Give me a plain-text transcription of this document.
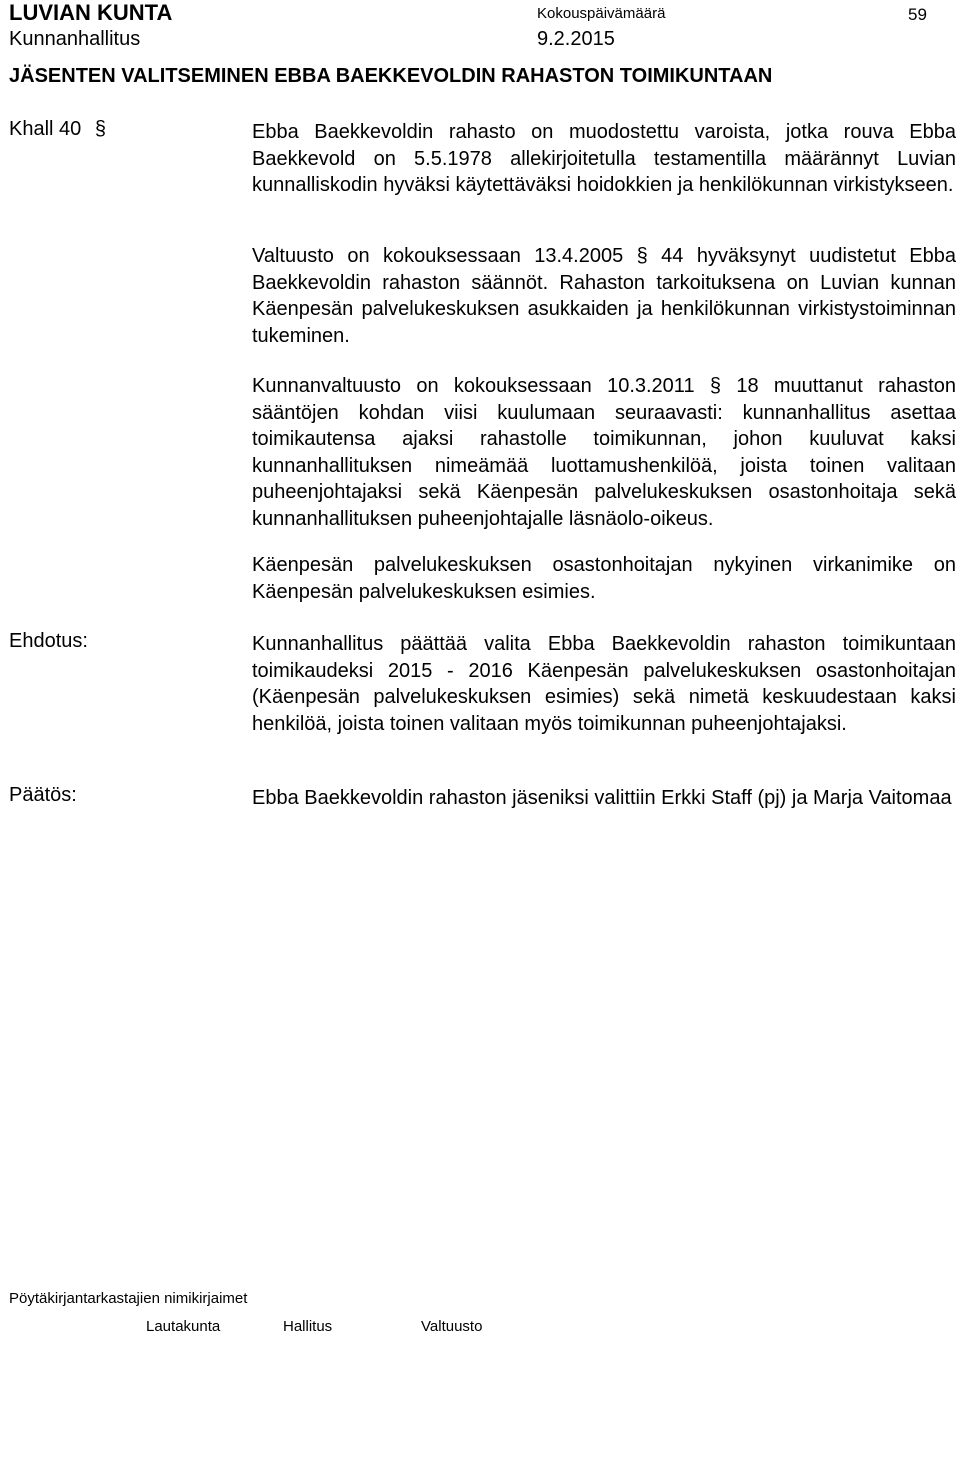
LUVIAN KUNTA
Kunnanhallitus
Kokouspäivämäärä
9.2.2015
59
JÄSENTEN VALITSEMINEN EBBA BAEKKEVOLDIN RAHASTON TOIMIKUNTAAN
Khall 40 §	Ebba Baekkevoldin rahasto on muodostettu varoista, jotka rouva Ebba Baekkevold on 5.5.1978 allekirjoitetulla testamentilla määrännyt Luvian kunnalliskodin hyväksi käytettäväksi hoidokkien ja henkilökunnan virkistykseen.

Valtuusto on kokouksessaan 13.4.2005 § 44 hyväksynyt uudistetut Ebba Baekkevoldin rahaston säännöt. Rahaston tarkoituksena on Luvian kunnan Käenpesän palvelukeskuksen asukkaiden ja henkilökunnan virkistystoiminnan tukeminen.

Kunnanvaltuusto on kokouksessaan 10.3.2011 § 18 muuttanut rahaston sääntöjen kohdan viisi kuulumaan seuraavasti: kunnanhallitus asettaa toimikautensa ajaksi rahastolle toimikunnan, johon kuuluvat kaksi kunnanhallituksen nimeämää luottamushenkilöä, joista toinen valitaan puheenjohtajaksi sekä Käenpesän palvelukeskuksen osastonhoitaja sekä kunnanhallituksen puheenjohtajalle läsnäolo-oikeus.

Käenpesän palvelukeskuksen osastonhoitajan nykyinen virkanimike on Käenpesän palvelukeskuksen esimies.

Ehdotus:	Kunnanhallitus päättää valita Ebba Baekkevoldin rahaston toimikuntaan toimikaudeksi 2015 - 2016 Käenpesän palvelukeskuksen osastonhoitajan (Käenpesän palvelukeskuksen esimies) sekä nimetä keskuudestaan kaksi henkilöä, joista toinen valitaan myös toimikunnan puheenjohtajaksi.

Päätös:	Ebba Baekkevoldin rahaston jäseniksi valittiin Erkki Staff (pj) ja Marja Vaitomaa

Pöytäkirjantarkastajien nimikirjaimet
Lautakunta	Hallitus	Valtuusto
